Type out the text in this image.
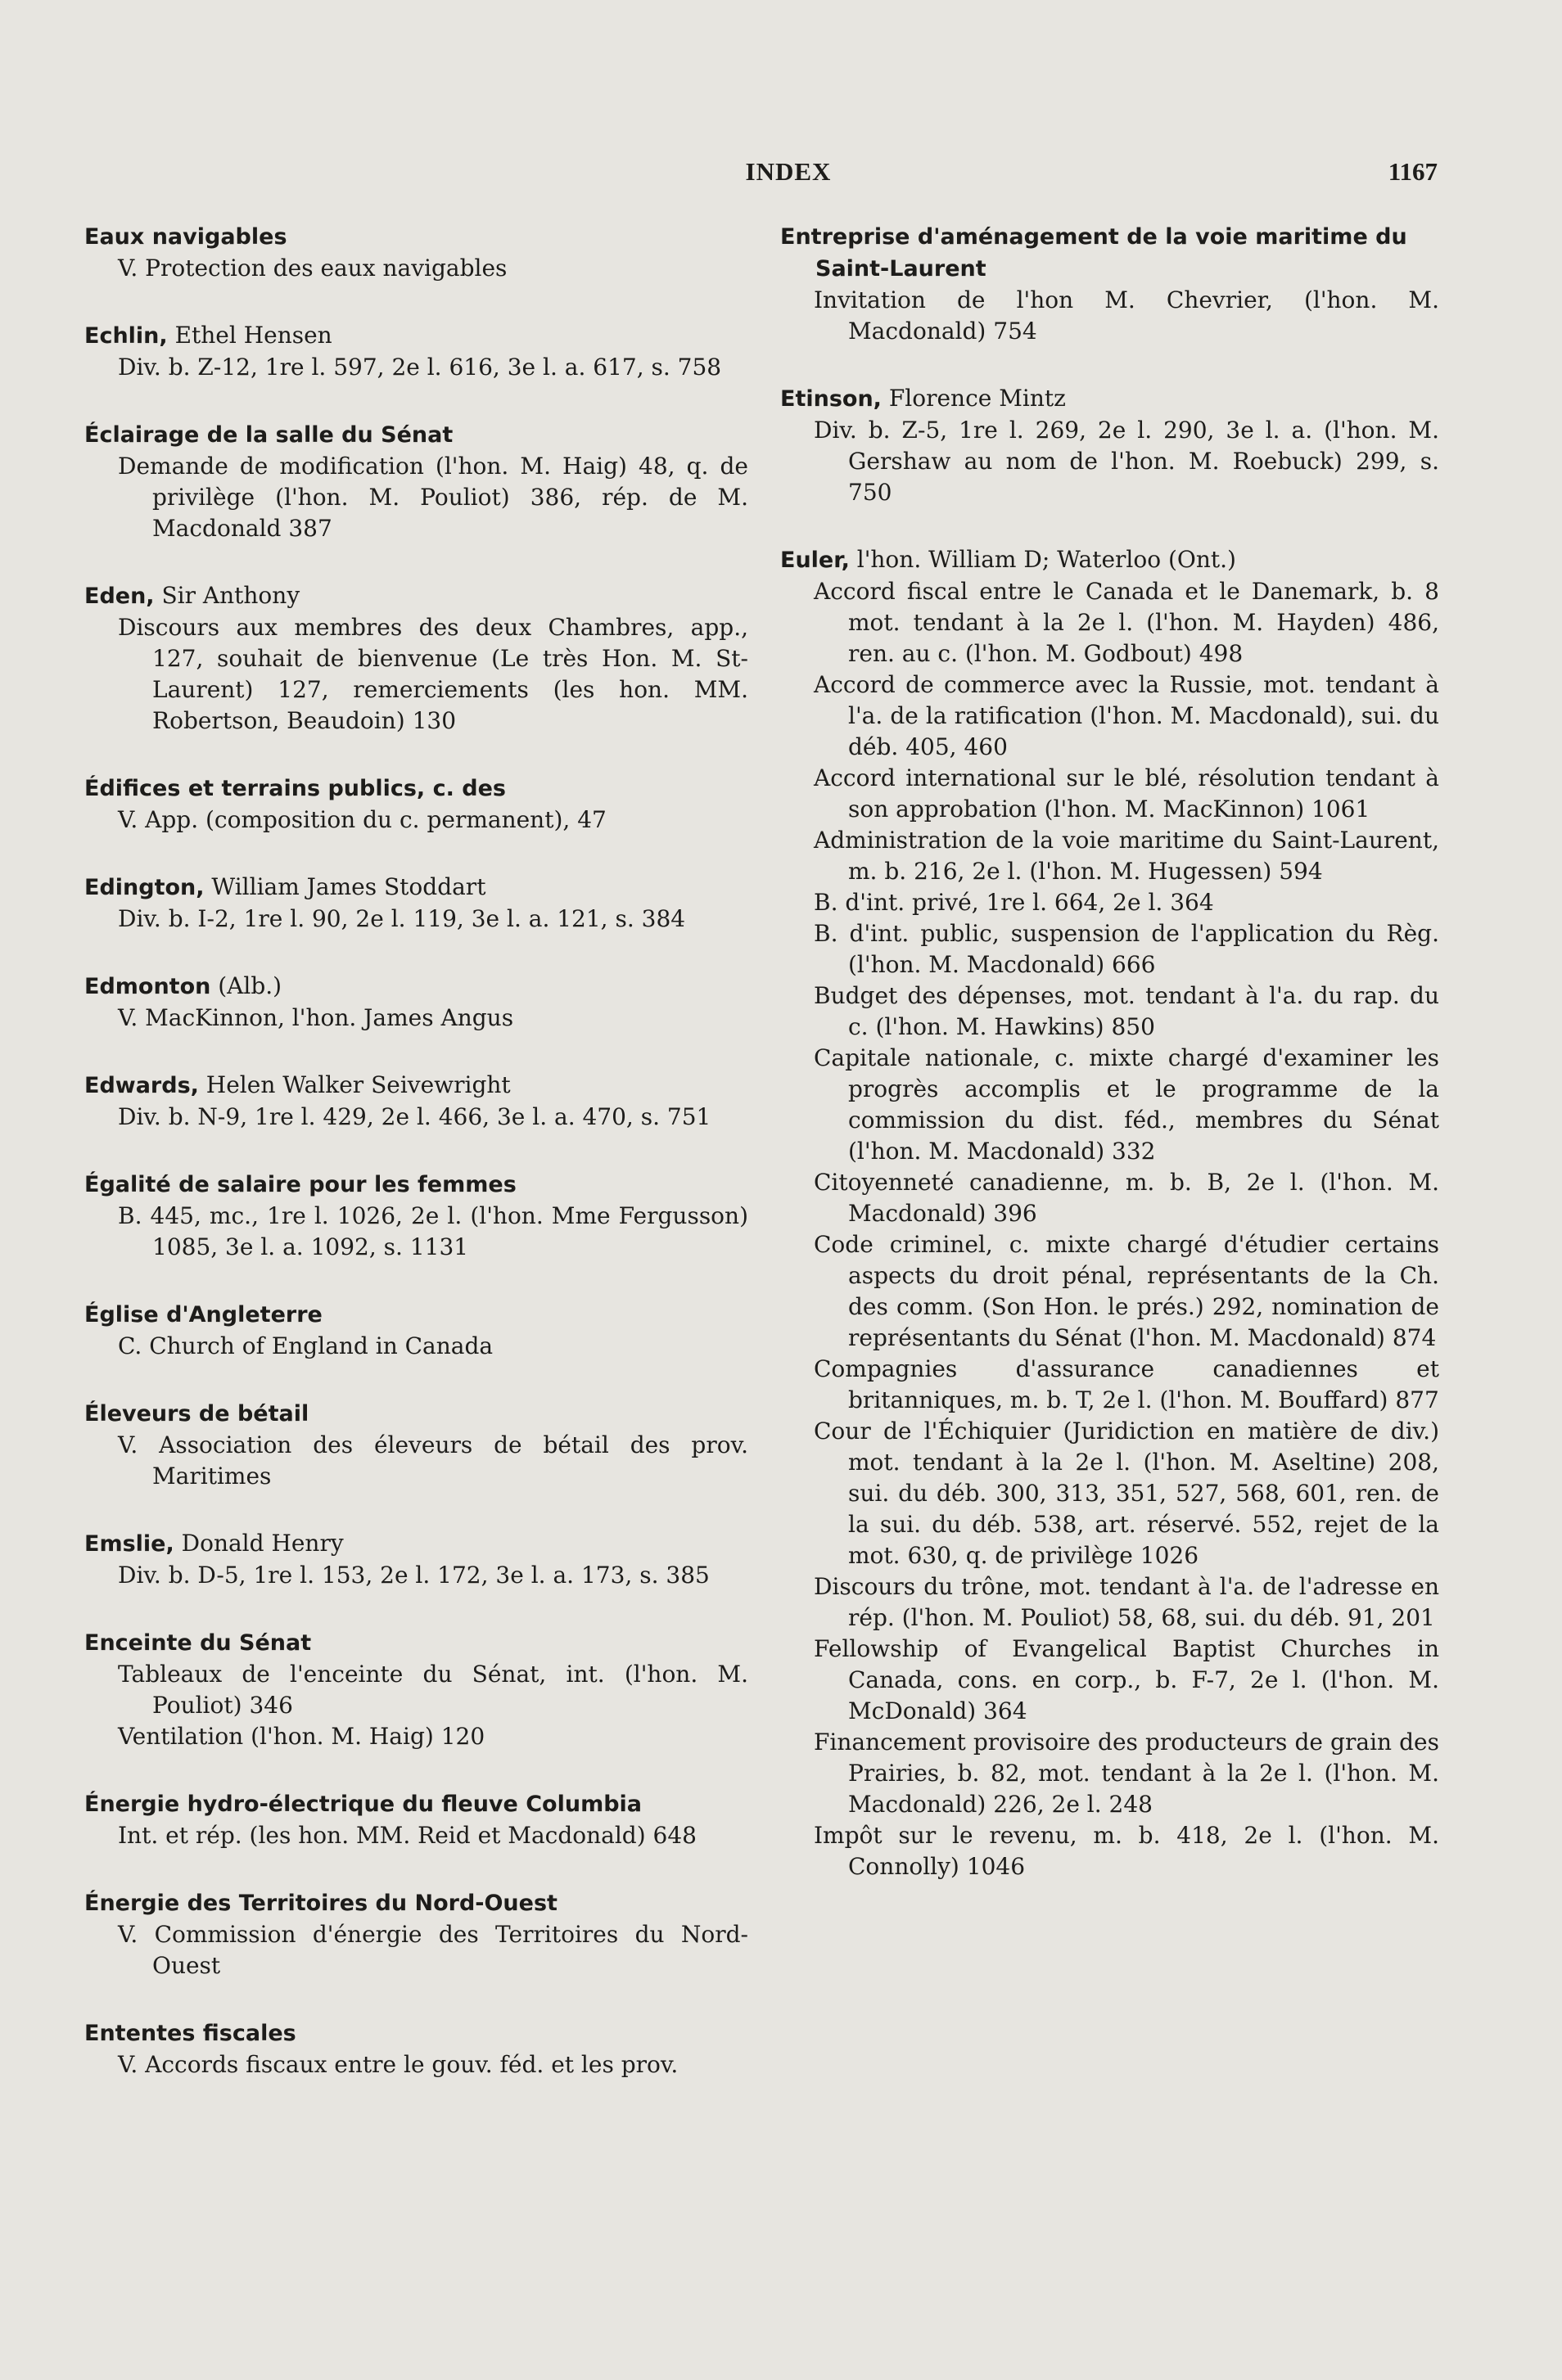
INDEX	1167
Eaux navigables
V. Protection des eaux navigables
Echlin, Ethel Hensen
Div. b. Z-12, 1re l. 597, 2e l. 616, 3e l. a. 617, s. 758
Éclairage de la salle du Sénat
Demande de modification (l'hon. M. Haig) 48, q. de privilège (l'hon. M. Pouliot) 386, rép. de M. Macdonald 387
Eden, Sir Anthony
Discours aux membres des deux Chambres, app., 127, souhait de bienvenue (Le très Hon. M. St-Laurent) 127, remerciements (les hon. MM. Robertson, Beaudoin) 130
Édifices et terrains publics, c. des
V. App. (composition du c. permanent), 47
Edington, William James Stoddart
Div. b. I-2, 1re l. 90, 2e l. 119, 3e l. a. 121, s. 384
Edmonton (Alb.)
V. MacKinnon, l'hon. James Angus
Edwards, Helen Walker Seivewright
Div. b. N-9, 1re l. 429, 2e l. 466, 3e l. a. 470, s. 751
Égalité de salaire pour les femmes
B. 445, mc., 1re l. 1026, 2e l. (l'hon. Mme Fergusson) 1085, 3e l. a. 1092, s. 1131
Église d'Angleterre
C. Church of England in Canada
Éleveurs de bétail
V. Association des éleveurs de bétail des prov. Maritimes
Emslie, Donald Henry
Div. b. D-5, 1re l. 153, 2e l. 172, 3e l. a. 173, s. 385
Enceinte du Sénat
Tableaux de l'enceinte du Sénat, int. (l'hon. M. Pouliot) 346
Ventilation (l'hon. M. Haig) 120
Énergie hydro-électrique du fleuve Columbia
Int. et rép. (les hon. MM. Reid et Macdonald) 648
Énergie des Territoires du Nord-Ouest
V. Commission d'énergie des Territoires du Nord-Ouest
Ententes fiscales
V. Accords fiscaux entre le gouv. féd. et les prov.
Entreprise d'aménagement de la voie maritime du Saint-Laurent
Invitation de l'hon M. Chevrier, (l'hon. M. Macdonald) 754
Etinson, Florence Mintz
Div. b. Z-5, 1re l. 269, 2e l. 290, 3e l. a. (l'hon. M. Gershaw au nom de l'hon. M. Roebuck) 299, s. 750
Euler, l'hon. William D; Waterloo (Ont.)
Accord fiscal entre le Canada et le Danemark, b. 8 mot. tendant à la 2e l. (l'hon. M. Hayden) 486, ren. au c. (l'hon. M. Godbout) 498
Accord de commerce avec la Russie, mot. tendant à l'a. de la ratification (l'hon. M. Macdonald), sui. du déb. 405, 460
Accord international sur le blé, résolution tendant à son approbation (l'hon. M. MacKinnon) 1061
Administration de la voie maritime du Saint-Laurent, m. b. 216, 2e l. (l'hon. M. Hugessen) 594
B. d'int. privé, 1re l. 664, 2e l. 364
B. d'int. public, suspension de l'application du Règ. (l'hon. M. Macdonald) 666
Budget des dépenses, mot. tendant à l'a. du rap. du c. (l'hon. M. Hawkins) 850
Capitale nationale, c. mixte chargé d'examiner les progrès accomplis et le programme de la commission du dist. féd., membres du Sénat (l'hon. M. Macdonald) 332
Citoyenneté canadienne, m. b. B, 2e l. (l'hon. M. Macdonald) 396
Code criminel, c. mixte chargé d'étudier certains aspects du droit pénal, représentants de la Ch. des comm. (Son Hon. le prés.) 292, nomination de représentants du Sénat (l'hon. M. Macdonald) 874
Compagnies d'assurance canadiennes et britanniques, m. b. T, 2e l. (l'hon. M. Bouffard) 877
Cour de l'Échiquier (Juridiction en matière de div.) mot. tendant à la 2e l. (l'hon. M. Aseltine) 208, sui. du déb. 300, 313, 351, 527, 568, 601, ren. de la sui. du déb. 538, art. réservé. 552, rejet de la mot. 630, q. de privilège 1026
Discours du trône, mot. tendant à l'a. de l'adresse en rép. (l'hon. M. Pouliot) 58, 68, sui. du déb. 91, 201
Fellowship of Evangelical Baptist Churches in Canada, cons. en corp., b. F-7, 2e l. (l'hon. M. McDonald) 364
Financement provisoire des producteurs de grain des Prairies, b. 82, mot. tendant à la 2e l. (l'hon. M. Macdonald) 226, 2e l. 248
Impôt sur le revenu, m. b. 418, 2e l. (l'hon. M. Connolly) 1046
